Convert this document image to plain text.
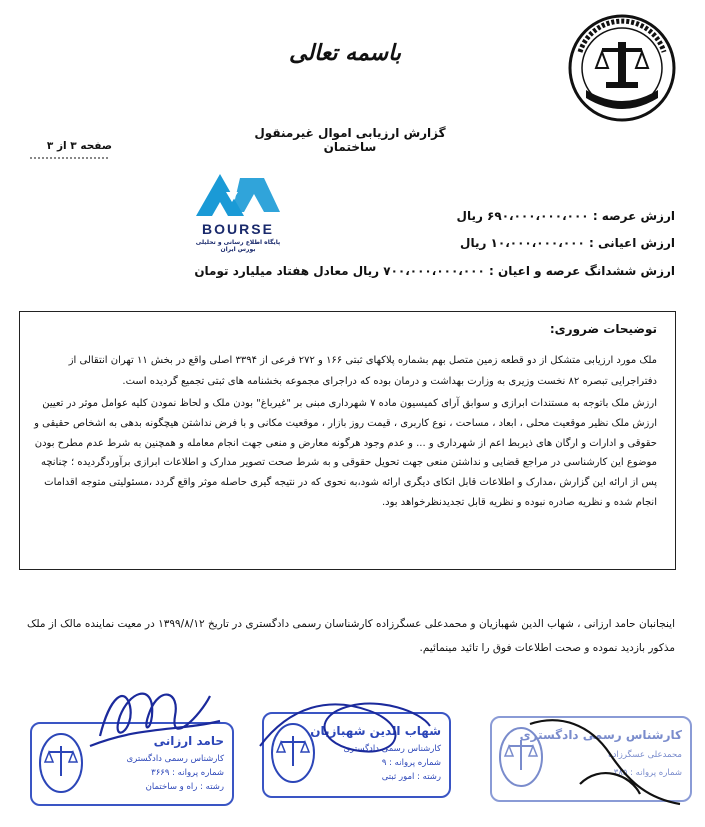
باسمه تعالی
گزارش ارزیابی اموال غیرمنقول ساختمان
صفحه ۳ از ۳
BOURSE
پایگاه اطلاع رسانی و تحلیلی بورس ایران
ارزش عرصه : ۶۹۰،۰۰۰،۰۰۰،۰۰۰ ریال
ارزش اعیانی : ۱۰،۰۰۰،۰۰۰،۰۰۰ ریال
ارزش ششدانگ عرصه و اعیان : ۷۰۰،۰۰۰،۰۰۰،۰۰۰ ریال معادل هفتاد میلیارد تومان
توضیحات ضروری:
ملک مورد ارزیابی متشکل از دو قطعه زمین متصل بهم بشماره پلاکهای ثبتی ۱۶۶ و ۲۷۲ فرعی از ۳۳۹۴ اصلی واقع در بخش ۱۱ تهران انتقالی از دفتراجرایی تبصره ۸۲ نخست وزیری به وزارت بهداشت و درمان بوده که دراجرای مجموعه بخشنامه های ثبتی تجمیع گردیده است.
ارزش ملک باتوجه به مستندات ابرازی و سوابق آرای کمیسیون ماده ۷ شهرداری مبنی بر "غیرباغ" بودن ملک و لحاظ نمودن کلیه عوامل موثر در تعیین ارزش ملک نظیر موقعیت محلی ، ابعاد ، مساحت ، نوع کاربری ، قیمت روز بازار ، موقعیت مکانی و با فرض نداشتن هیچگونه بدهی به اشخاص حقیقی و حقوقی و ادارات و ارگان های ذیربط اعم از شهرداری و ... و عدم وجود هرگونه معارض و منعی جهت انجام معامله و همچنین به شرط عدم مطرح بودن موضوع این کارشناسی در مراجع قضایی و نداشتن منعی جهت تحویل حقوقی و به شرط صحت تصویر مدارک و اطلاعات ابرازی برآوردگردیده ؛ چنانچه پس از ارائه این گزارش ،مدارک و اطلاعات قابل اتکای دیگری ارائه شود،به نحوی که در نتیجه گیری حاصله موثر واقع گردد ،مسئولیتی متوجه اقدامات انجام شده و نظریه صادره نبوده و نظریه قابل تجدیدنظرخواهد بود.
اینجانبان حامد ارزانی ، شهاب الدین شهبازیان و محمدعلی عسگرزاده کارشناسان رسمی دادگستری در تاریخ ۱۳۹۹/۸/۱۲ در معیت نماینده مالک از ملک مذکور بازدید نموده و صحت اطلاعات فوق را تائید مینمائیم.
حامد ارزانی
کارشناس رسمی دادگستری
شماره پروانه : ۳۶۶۹
رشته : راه و ساختمان
شهاب الدین شهبازیان
کارشناس رسمی دادگستری
شماره پروانه : ۹
رشته : امور ثبتی
کارشناس رسمی دادگستری
محمدعلی عسگرزاده
شماره پروانه : ۳۸۵
